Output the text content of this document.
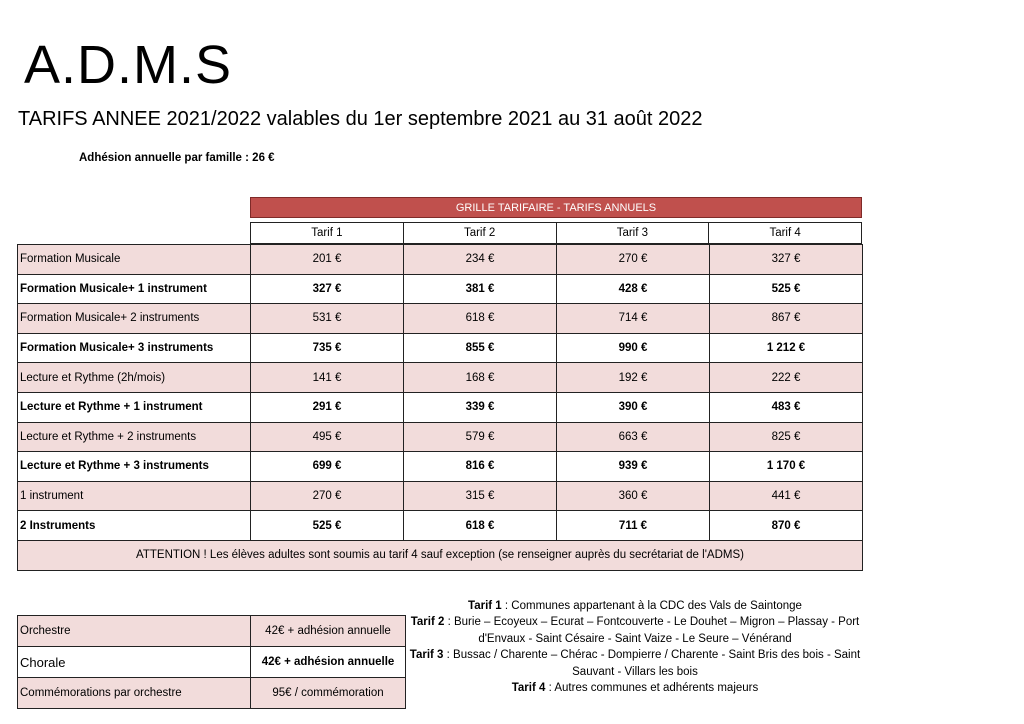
A.D.M.S
TARIFS ANNEE 2021/2022 valables du 1er septembre 2021 au 31 août 2022
Adhésion annuelle par famille : 26 €
GRILLE TARIFAIRE - TARIFS ANNUELS
Tarif 1	Tarif 2	Tarif 3	Tarif 4
Formation Musicale	201 €	234 €	270 €	327 €
Formation Musicale+ 1 instrument	327 €	381 €	428 €	525 €
Formation Musicale+ 2 instruments	531 €	618 €	714 €	867 €
Formation Musicale+ 3 instruments	735 €	855 €	990 €	1 212 €
Lecture et Rythme (2h/mois)	141 €	168 €	192 €	222 €
Lecture et Rythme + 1 instrument	291 €	339 €	390 €	483 €
Lecture et Rythme + 2 instruments	495 €	579 €	663 €	825 €
Lecture et Rythme + 3 instruments	699 €	816 €	939 €	1 170 €
1 instrument	270 €	315 €	360 €	441 €
2 Instruments	525 €	618 €	711 €	870 €
ATTENTION ! Les élèves adultes sont soumis au tarif 4 sauf exception (se renseigner auprès du secrétariat de l'ADMS)				
Orchestre	42€ + adhésion annuelle
Chorale	42€ + adhésion annuelle
Commémorations par orchestre	95€ / commémoration
Tarif 1 : Communes appartenant à la CDC des Vals de Saintonge
Tarif 2 : Burie – Ecoyeux – Ecurat – Fontcouverte - Le Douhet – Migron – Plassay - Port d'Envaux - Saint Césaire - Saint Vaize - Le Seure – Vénérand
Tarif 3 : Bussac / Charente – Chérac - Dompierre / Charente - Saint Bris des bois - Saint Sauvant - Villars les bois
Tarif 4 : Autres communes et adhérents majeurs
